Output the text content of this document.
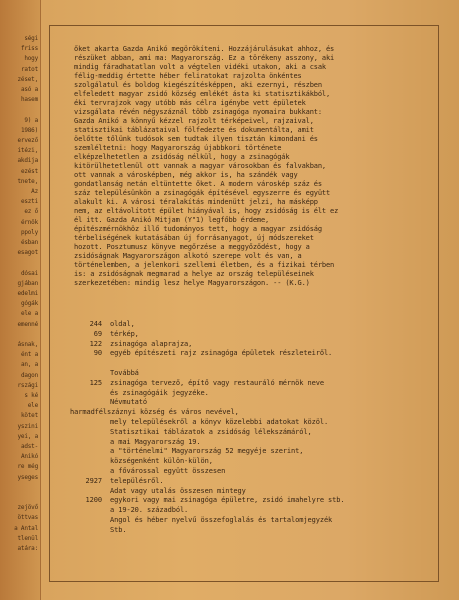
ségi
friss
hogy
ratot
zéset,
asó a
hasem
9) a
1986)
ervező
itézi,
akdija
ezést
tnete,
Az
eszti
ez ő
érnök
ppoly
ésban
esagot
dósai
gjában
edelmi
gógák
ele a
emenné
ásnak,
ént a
an, a
dagon
rszági
s ké
ele
kötet
yszini
yei, a
adst-
Anikó
re még
yseges
zejövő
öttvas
a Antal
tlenül
atára:
őket akarta Gazda Anikó megörökíteni. Hozzájárulásukat ahhoz, és
részüket abban, ami ma: Magyarország. Ez a törékeny asszony, aki
mindig fáradhatatlan volt a végtelen vidéki utakon, aki a csak
félig-meddig értette héber feliratokat rajzolta önkéntes
szolgálatul és boldog kiegészítésképpen, aki ezernyi, részben
elfeledett magyar zsidó község emlékét ásta ki statisztikákból,
éki tervrajzok vagy utóbb más célra igénybe vett épületek
vizsgálata révén négyszáznál több zsinagóga nyomaira bukkant:
Gazda Anikó a könnyű kézzel rajzolt térképeivel, rajzaival,
statisztikai táblázataival fölfedezte és dokumentálta, amit
öelőtte tőlünk tudósok sem tudtak ilyen tisztán kimondani és
szemléltetni: hogy Magyarország újabbkori története
elképzelhetetlen a zsidóság nélkül, hogy a zsinagógák
kitörülhetetlenül ott vannak a magyar városokban és falvakban,
ott vannak a városképben, még akkor is, ha szándék vagy
gondatlanság netán eltüntette őket. A modern városkép száz és
száz településünkön a zsinagógák építésével egyszerre és együtt
alakult ki. A városi téralakítás mindenütt jelzi, ha másképp
nem, az eltávolított épület hiányával is, hogy zsidóság is élt ez
él itt. Gazda Anikó Mitjam (Y"1) legfőbb érdeme,
építészmérnökhöz illő tudományos tett, hogy a magyar zsidóság
térbeliségének kutatásában új forrásanyagot, új módszereket
hozott. Posztumusz könyve megőrzése a meggyőződést, hogy a
zsidóságnak Magyarországon alkotó szerepe volt és van, a
történelemben, a jelenkori szellemi életben, és a fizikai térben
is: a zsidóságnak megmarad a helye az ország településeinek
szerkezetében: mindig lesz helye Magyarországon. -- (K.G.)
244 oldal,
69 térkép,
122 zsinagóga alaprajza,
90 egyéb építészeti rajz zsinagóga épületek részleteiről.
Továbbá
125 zsinagóga tervező, építő vagy restauráló mérnök neve
és zsinagógáik jegyzéke.
Névmutató
harmadfélszáznyi község és város nevével,
mely településekről a könyv közelebbi adatokat közöl.
Statisztikai táblázatok a zsidóság lélekszámáról,
a mai Magyarország 19.
a "történelmi" Magyarország 52 megyéje szerint,
községenként külön-külön,
a fővárossal együtt összesen
2927 településről.
Adat vagy utalás összesen mintegy
1200 egykori vagy mai zsinagóga épületre, zsidó imahelyre stb.
a 19-20. századból.
Angol és héber nyelvű összefoglalás és tartalomjegyzék
Stb.
